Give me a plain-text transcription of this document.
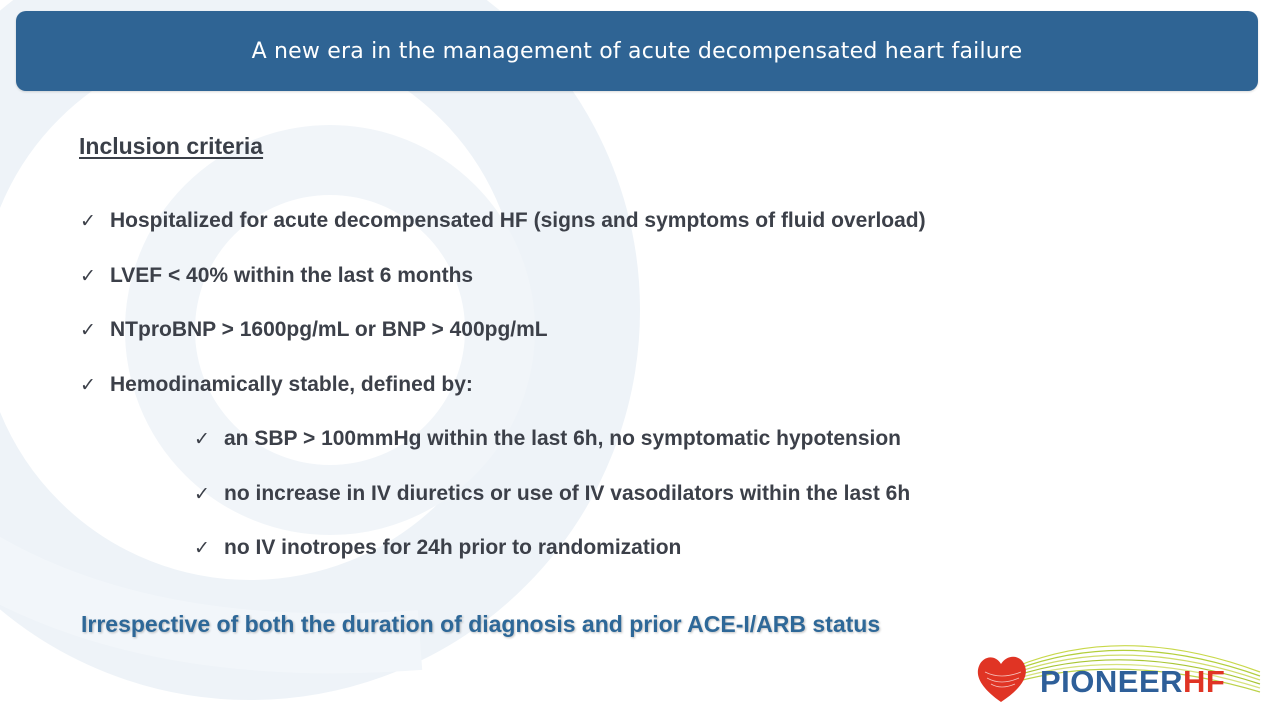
A new era in the management of acute decompensated heart failure
Inclusion criteria
✓ Hospitalized for acute decompensated HF (signs and symptoms of fluid overload)
✓ LVEF < 40% within the last 6 months
✓ NTproBNP > 1600pg/mL or BNP > 400pg/mL
✓ Hemodinamically stable, defined by:
✓ an SBP > 100mmHg within the last 6h, no symptomatic hypotension
✓ no increase in IV diuretics or use of IV vasodilators within the last 6h
✓ no IV inotropes for 24h prior to randomization
Irrespective of both the duration of diagnosis and prior ACE-I/ARB status
PIONEERHF
